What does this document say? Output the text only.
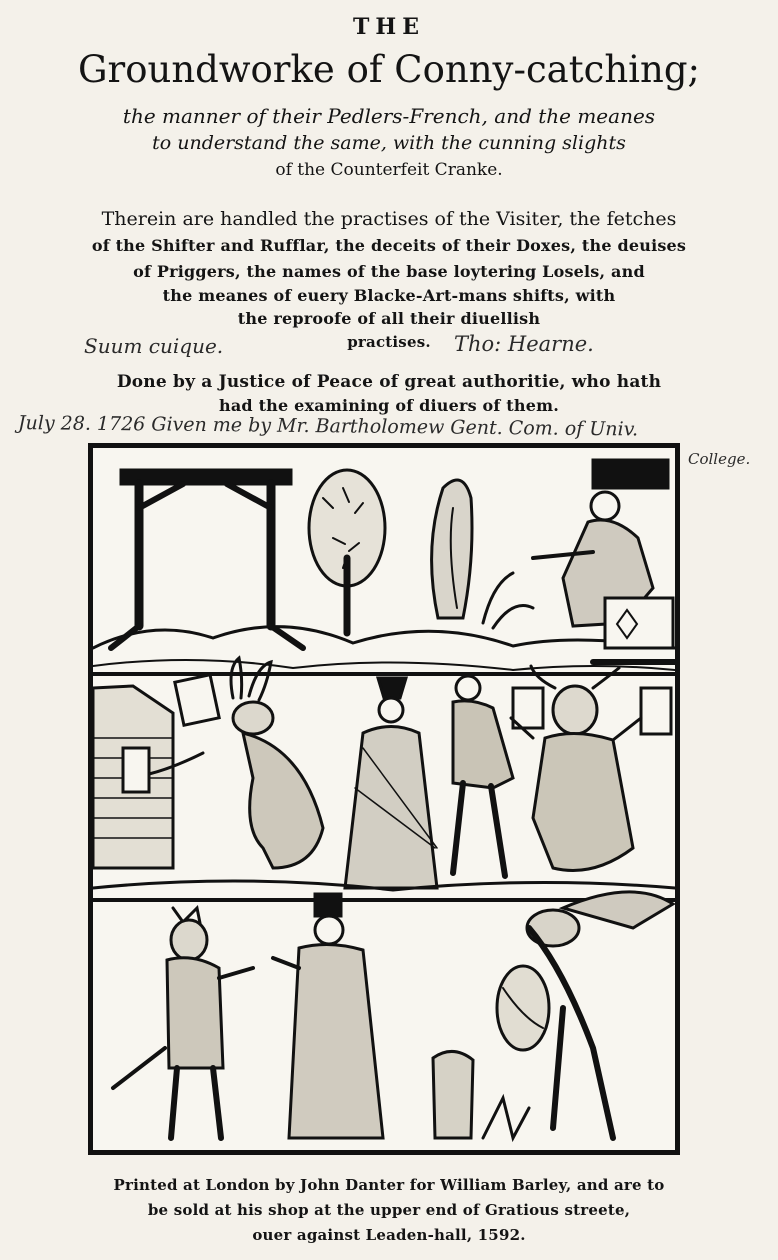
THE
Groundworke of Conny-catching;
the manner of their Pedlers-French, and the meanes
to understand the same, with the cunning slights
of the Counterfeit Cranke.
Therein are handled the practises of the Visiter, the fetches
of the Shifter and Rufflar, the deceits of their Doxes, the deuises
of Priggers, the names of the base loytering Losels, and
the meanes of euery Blacke-Art-mans shifts, with
the reproofe of all their diuellish
practises.
Suum cuique.	Tho: Hearne.
Done by a Justice of Peace of great authoritie, who hath
had the examining of diuers of them.
July 28. 1726 Given me by Mr. Bartholomew Gent. Com. of Univ.
College.
Printed at London by John Danter for William Barley, and are to
be sold at his shop at the upper end of Gratious streete,
ouer against Leaden-hall, 1592.
